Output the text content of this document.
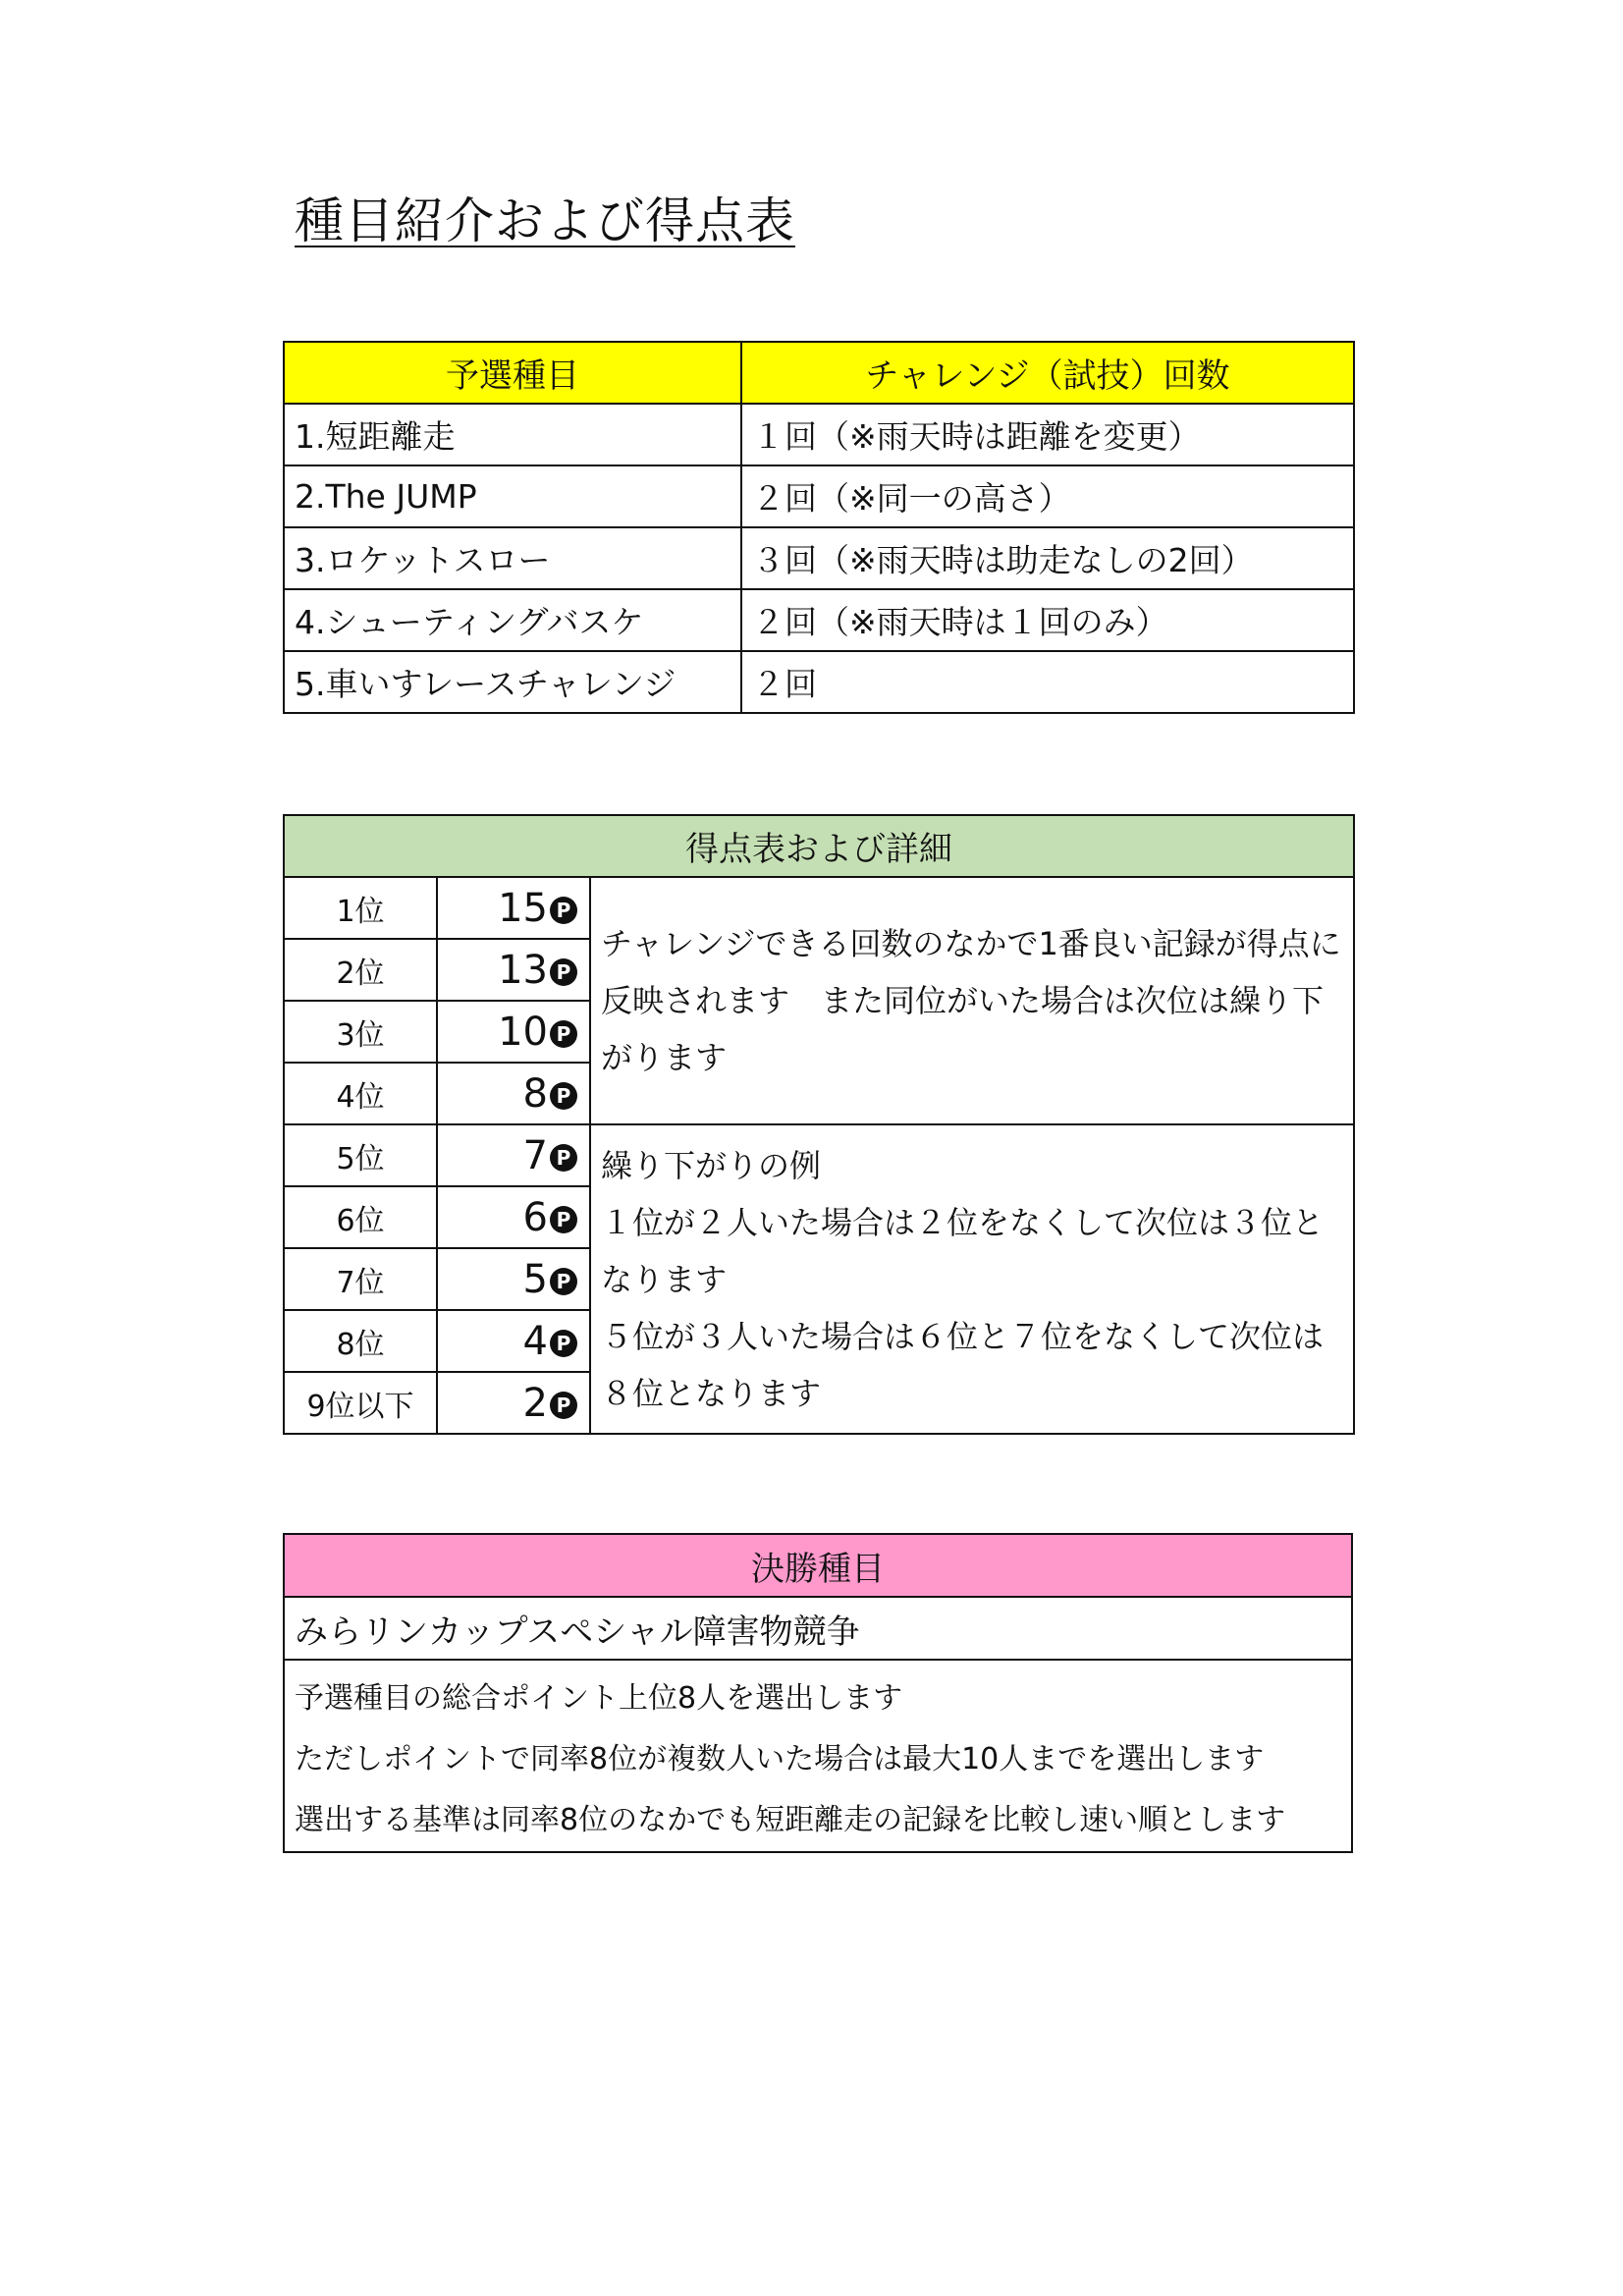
種目紹介および得点表
予選種目	チャレンジ（試技）回数
1.短距離走	１回（※雨天時は距離を変更）
2.The JUMP	２回（※同一の高さ）
3.ロケットスロー	３回（※雨天時は助走なしの2回）
4.シューティングバスケ	２回（※雨天時は１回のみ）
5.車いすレースチャレンジ	２回
得点表および詳細		
1位	15 P	チャレンジできる回数のなかで1番良い記録が得点に反映されます　また同位がいた場合は次位は繰り下がります
2位	13 P	
3位	10 P	
4位	8 P	
5位	7 P	繰り下がりの例
１位が２人いた場合は２位をなくして次位は３位となります
５位が３人いた場合は６位と７位をなくして次位は８位となります

6位	6 P	
7位	5 P	
8位	4 P	
9位以下	2 P	
決勝種目
みらリンカップスペシャル障害物競争

予選種目の総合ポイント上位8人を選出します
ただしポイントで同率8位が複数人いた場合は最大10人までを選出します
選出する基準は同率8位のなかでも短距離走の記録を比較し速い順とします
